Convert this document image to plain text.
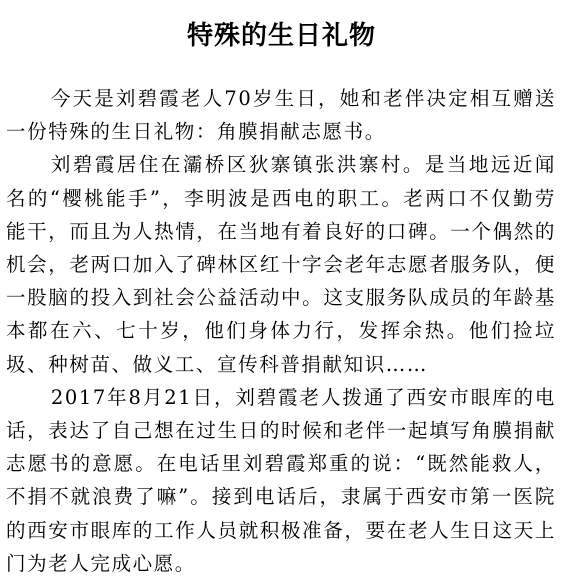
特殊的生日礼物

今天是刘碧霞老人70岁生日，她和老伴决定相互赠送一份特殊的生日礼物：角膜捐献志愿书。

刘碧霞居住在灞桥区狄寨镇张洪寨村。是当地远近闻名的“樱桃能手”，李明波是西电的职工。老两口不仅勤劳能干，而且为人热情，在当地有着良好的口碑。一个偶然的机会，老两口加入了碑林区红十字会老年志愿者服务队，便一股脑的投入到社会公益活动中。这支服务队成员的年龄基本都在六、七十岁，他们身体力行，发挥余热。他们捡垃圾、种树苗、做义工、宣传科普捐献知识……

2017年8月21日，刘碧霞老人拨通了西安市眼库的电话，表达了自己想在过生日的时候和老伴一起填写角膜捐献志愿书的意愿。在电话里刘碧霞郑重的说：“既然能救人，不捐不就浪费了嘛”。接到电话后，隶属于西安市第一医院的西安市眼库的工作人员就积极准备，要在老人生日这天上门为老人完成心愿。
